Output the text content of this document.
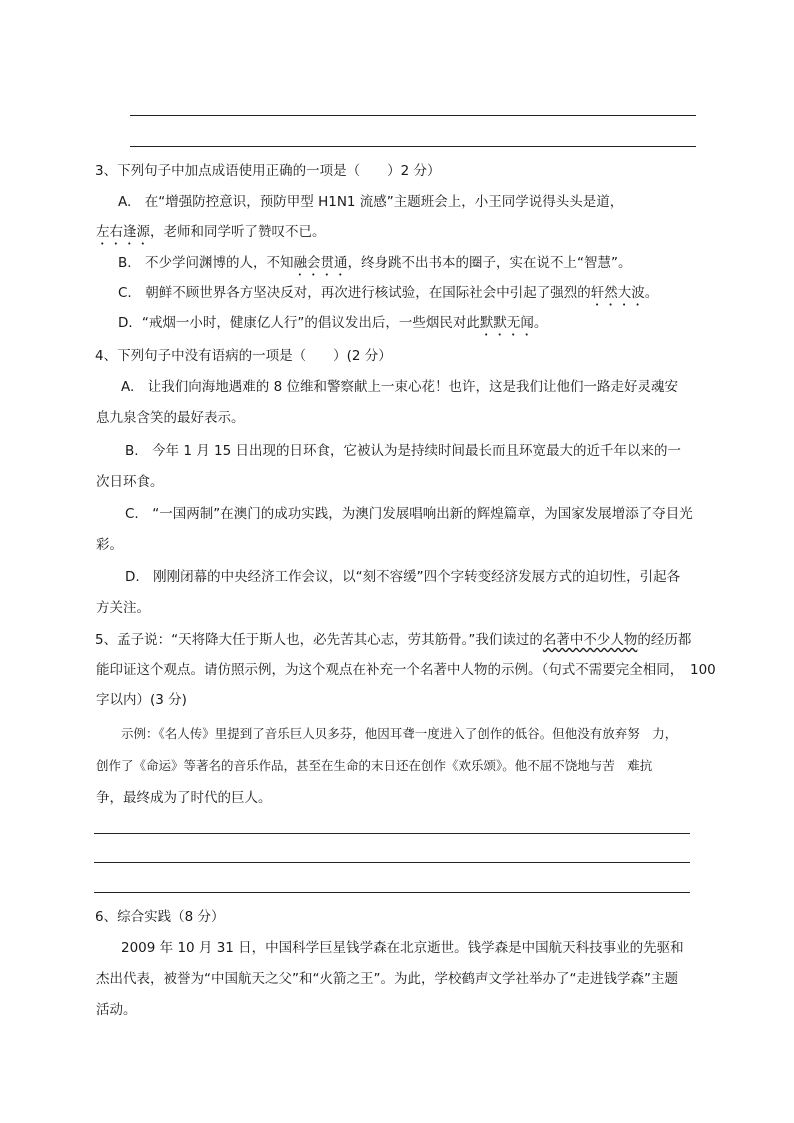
3、下列句子中加点成语使用正确的一项是（　　）2 分）
A.　在“增强防控意识，预防甲型 H1N1 流感”主题班会上，小王同学说得头头是道，
左右逢源，老师和同学听了赞叹不已。
B.　不少学问渊博的人，不知融会贯通，终身跳不出书本的圈子，实在说不上“智慧”。
C.　朝鲜不顾世界各方坚决反对，再次进行核试验，在国际社会中引起了强烈的轩然大波。
D．“戒烟一小时，健康亿人行”的倡议发出后，一些烟民对此默默无闻。
4、下列句子中没有语病的一项是（　　）(2 分）
A.　让我们向海地遇难的 8 位维和警察献上一束心花！也许，这是我们让他们一路走好灵魂安
息九泉含笑的最好表示。
B.　今年 1 月 15 日出现的日环食，它被认为是持续时间最长而且环宽最大的近千年以来的一
次日环食。
C.　“一国两制”在澳门的成功实践，为澳门发展唱响出新的辉煌篇章，为国家发展增添了夺目光
彩。
D.　刚刚闭幕的中央经济工作会议，以“刻不容缓”四个字转变经济发展方式的迫切性，引起各
方关注。
5、孟子说：“天将降大任于斯人也，必先苦其心志，劳其筋骨。”我们读过的名著中不少人物的经历都
能印证这个观点。请仿照示例，为这个观点在补充一个名著中人物的示例。（句式不需要完全相同，　100
字以内）(3 分)
示例：《名人传》里提到了音乐巨人贝多芬，他因耳聋一度进入了创作的低谷。但他没有放弃努　力，
创作了《命运》等著名的音乐作品，甚至在生命的末日还在创作《欢乐颂》。他不屈不饶地与苦　难抗
争，最终成为了时代的巨人。
6、综合实践（8 分）
2009 年 10 月 31 日，中国科学巨星钱学森在北京逝世。钱学森是中国航天科技事业的先驱和
杰出代表，被誉为“中国航天之父”和“火箭之王”。为此，学校鹤声文学社举办了“走进钱学森”主题
活动。
